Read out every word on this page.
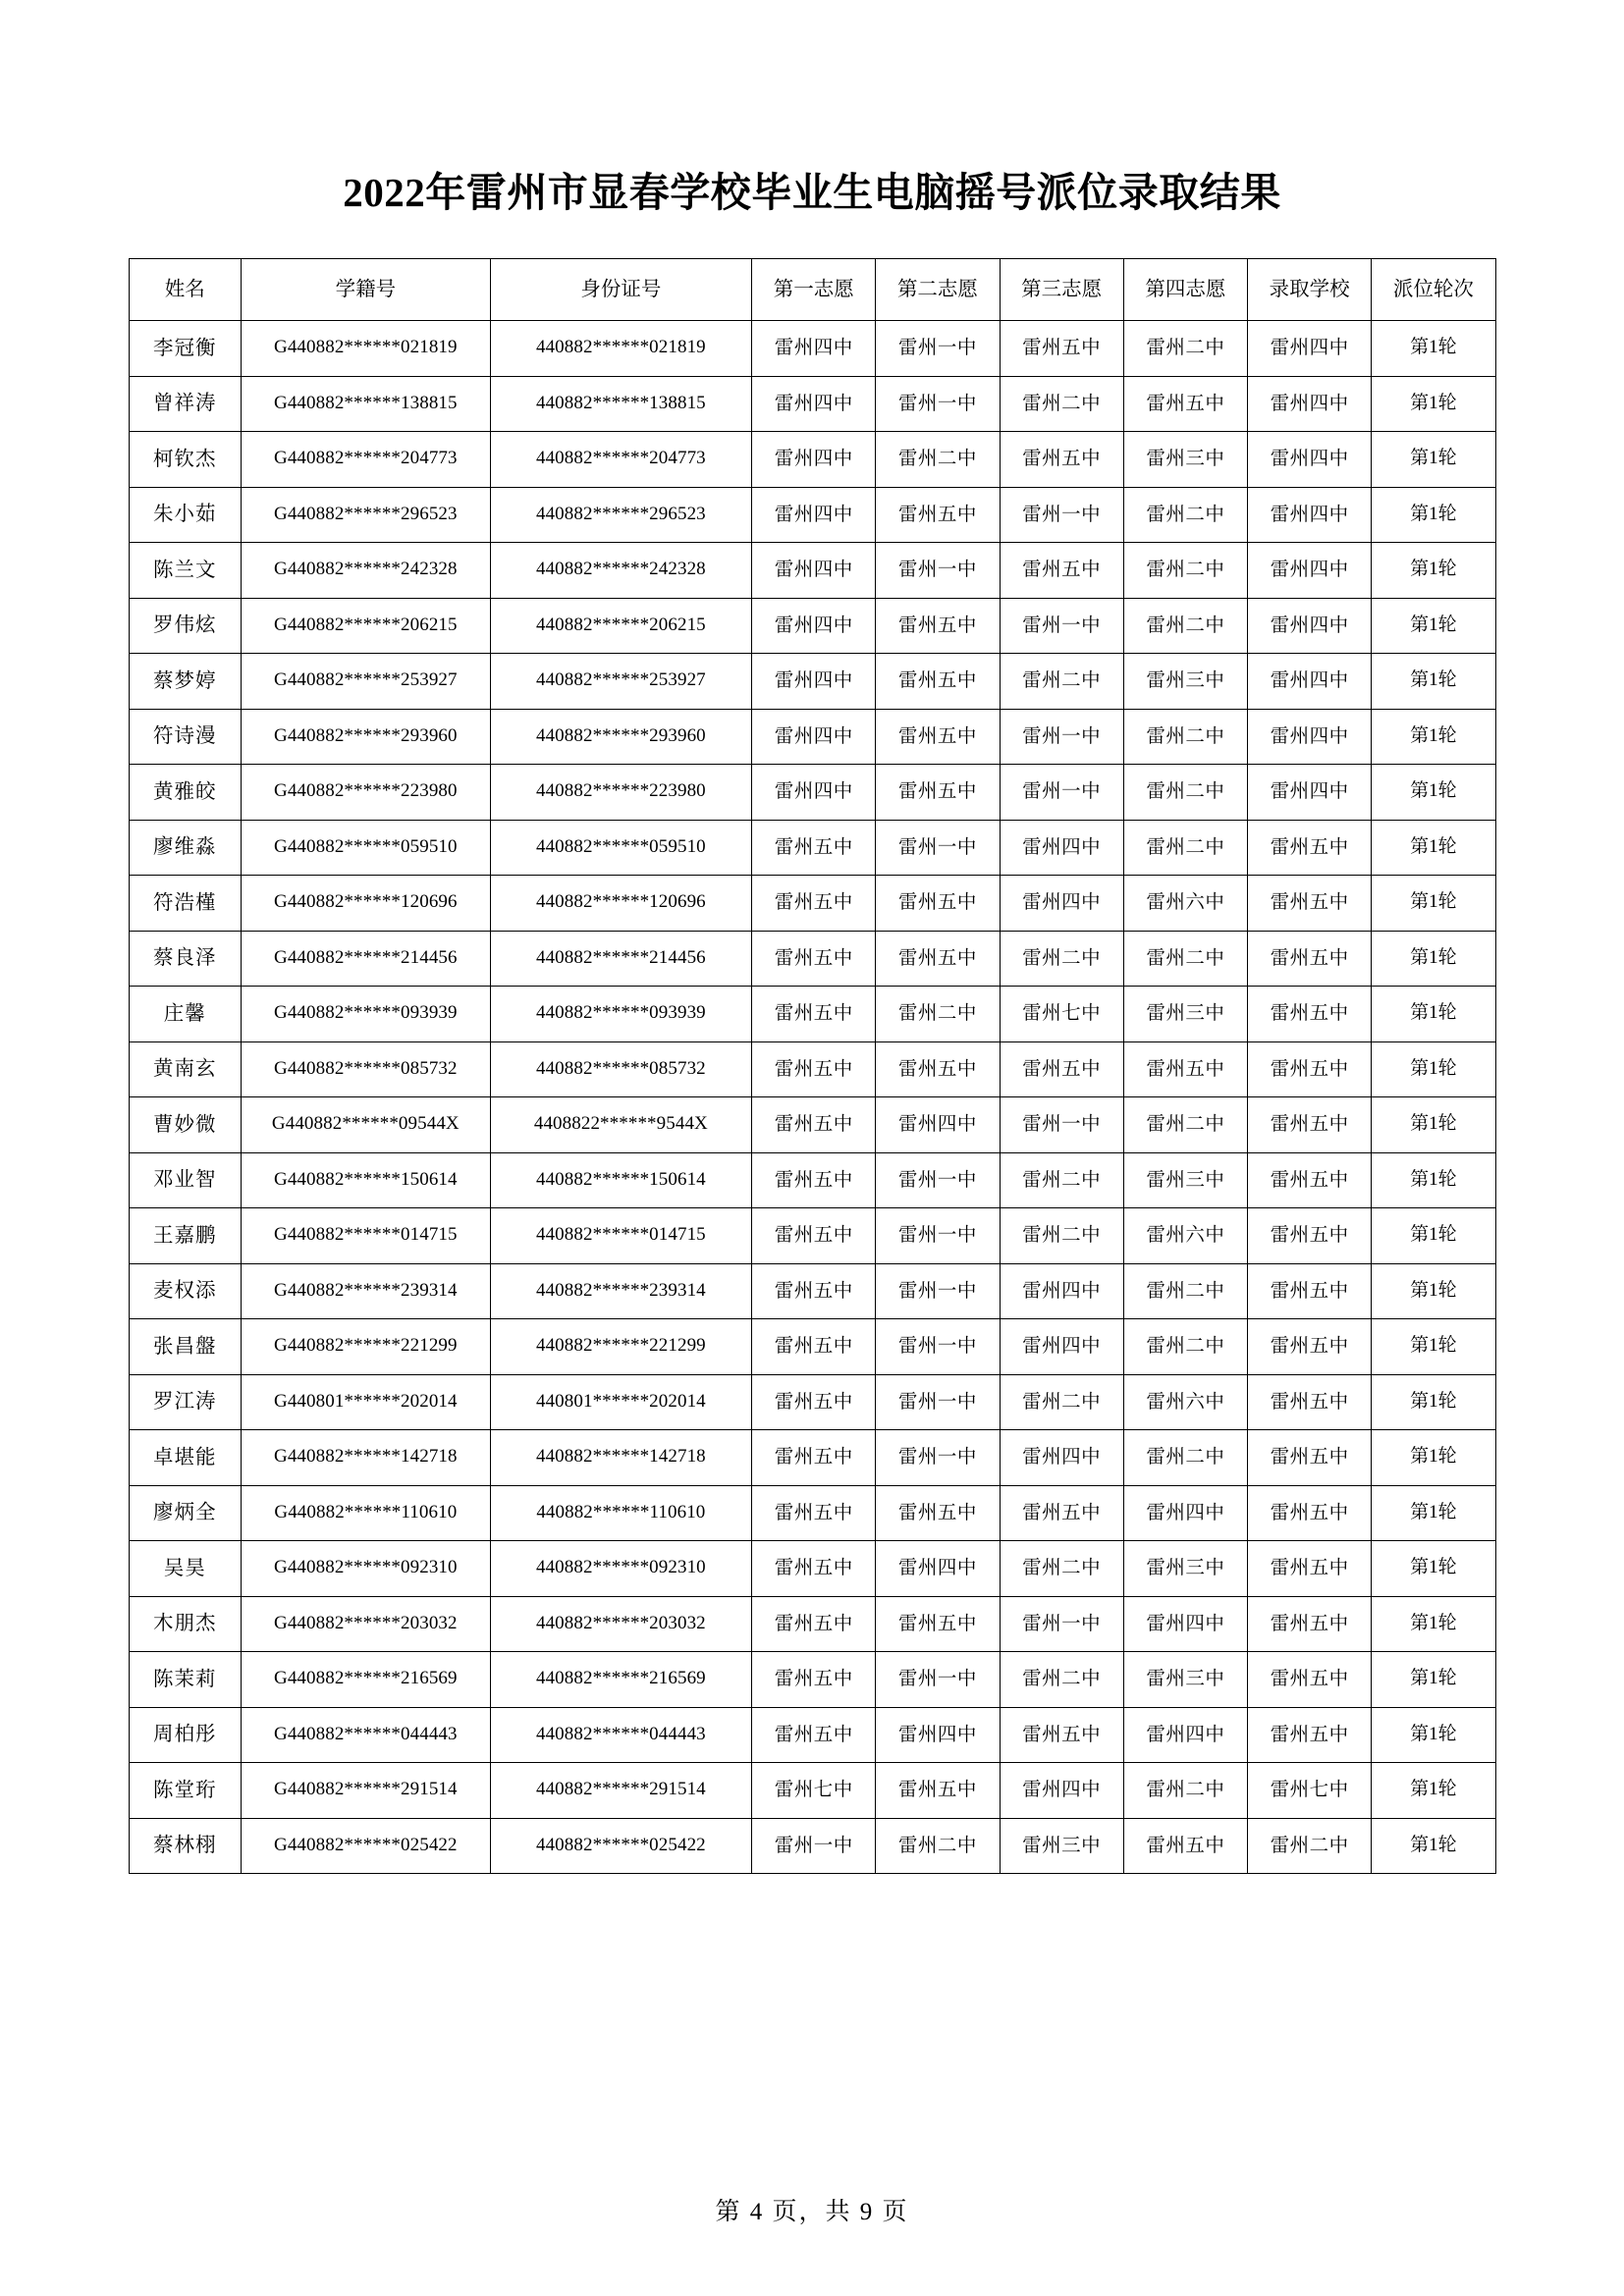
2022年雷州市显春学校毕业生电脑摇号派位录取结果
姓名	学籍号	身份证号	第一志愿	第二志愿	第三志愿	第四志愿	录取学校	派位轮次
李冠衡	G440882******021819	440882******021819	雷州四中	雷州一中	雷州五中	雷州二中	雷州四中	第1轮
曾祥涛	G440882******138815	440882******138815	雷州四中	雷州一中	雷州二中	雷州五中	雷州四中	第1轮
柯钦杰	G440882******204773	440882******204773	雷州四中	雷州二中	雷州五中	雷州三中	雷州四中	第1轮
朱小茹	G440882******296523	440882******296523	雷州四中	雷州五中	雷州一中	雷州二中	雷州四中	第1轮
陈兰文	G440882******242328	440882******242328	雷州四中	雷州一中	雷州五中	雷州二中	雷州四中	第1轮
罗伟炫	G440882******206215	440882******206215	雷州四中	雷州五中	雷州一中	雷州二中	雷州四中	第1轮
蔡梦婷	G440882******253927	440882******253927	雷州四中	雷州五中	雷州二中	雷州三中	雷州四中	第1轮
符诗漫	G440882******293960	440882******293960	雷州四中	雷州五中	雷州一中	雷州二中	雷州四中	第1轮
黄雅皎	G440882******223980	440882******223980	雷州四中	雷州五中	雷州一中	雷州二中	雷州四中	第1轮
廖维淼	G440882******059510	440882******059510	雷州五中	雷州一中	雷州四中	雷州二中	雷州五中	第1轮
符浩槿	G440882******120696	440882******120696	雷州五中	雷州五中	雷州四中	雷州六中	雷州五中	第1轮
蔡良泽	G440882******214456	440882******214456	雷州五中	雷州五中	雷州二中	雷州二中	雷州五中	第1轮
庄馨	G440882******093939	440882******093939	雷州五中	雷州二中	雷州七中	雷州三中	雷州五中	第1轮
黄南玄	G440882******085732	440882******085732	雷州五中	雷州五中	雷州五中	雷州五中	雷州五中	第1轮
曹妙微	G440882******09544X	4408822******9544X	雷州五中	雷州四中	雷州一中	雷州二中	雷州五中	第1轮
邓业智	G440882******150614	440882******150614	雷州五中	雷州一中	雷州二中	雷州三中	雷州五中	第1轮
王嘉鹏	G440882******014715	440882******014715	雷州五中	雷州一中	雷州二中	雷州六中	雷州五中	第1轮
麦权添	G440882******239314	440882******239314	雷州五中	雷州一中	雷州四中	雷州二中	雷州五中	第1轮
张昌盤	G440882******221299	440882******221299	雷州五中	雷州一中	雷州四中	雷州二中	雷州五中	第1轮
罗江涛	G440801******202014	440801******202014	雷州五中	雷州一中	雷州二中	雷州六中	雷州五中	第1轮
卓堪能	G440882******142718	440882******142718	雷州五中	雷州一中	雷州四中	雷州二中	雷州五中	第1轮
廖炳全	G440882******110610	440882******110610	雷州五中	雷州五中	雷州五中	雷州四中	雷州五中	第1轮
吴昊	G440882******092310	440882******092310	雷州五中	雷州四中	雷州二中	雷州三中	雷州五中	第1轮
木朋杰	G440882******203032	440882******203032	雷州五中	雷州五中	雷州一中	雷州四中	雷州五中	第1轮
陈茉莉	G440882******216569	440882******216569	雷州五中	雷州一中	雷州二中	雷州三中	雷州五中	第1轮
周柏彤	G440882******044443	440882******044443	雷州五中	雷州四中	雷州五中	雷州四中	雷州五中	第1轮
陈堂珩	G440882******291514	440882******291514	雷州七中	雷州五中	雷州四中	雷州二中	雷州七中	第1轮
蔡林栩	G440882******025422	440882******025422	雷州一中	雷州二中	雷州三中	雷州五中	雷州二中	第1轮
第 4 页，共 9 页
